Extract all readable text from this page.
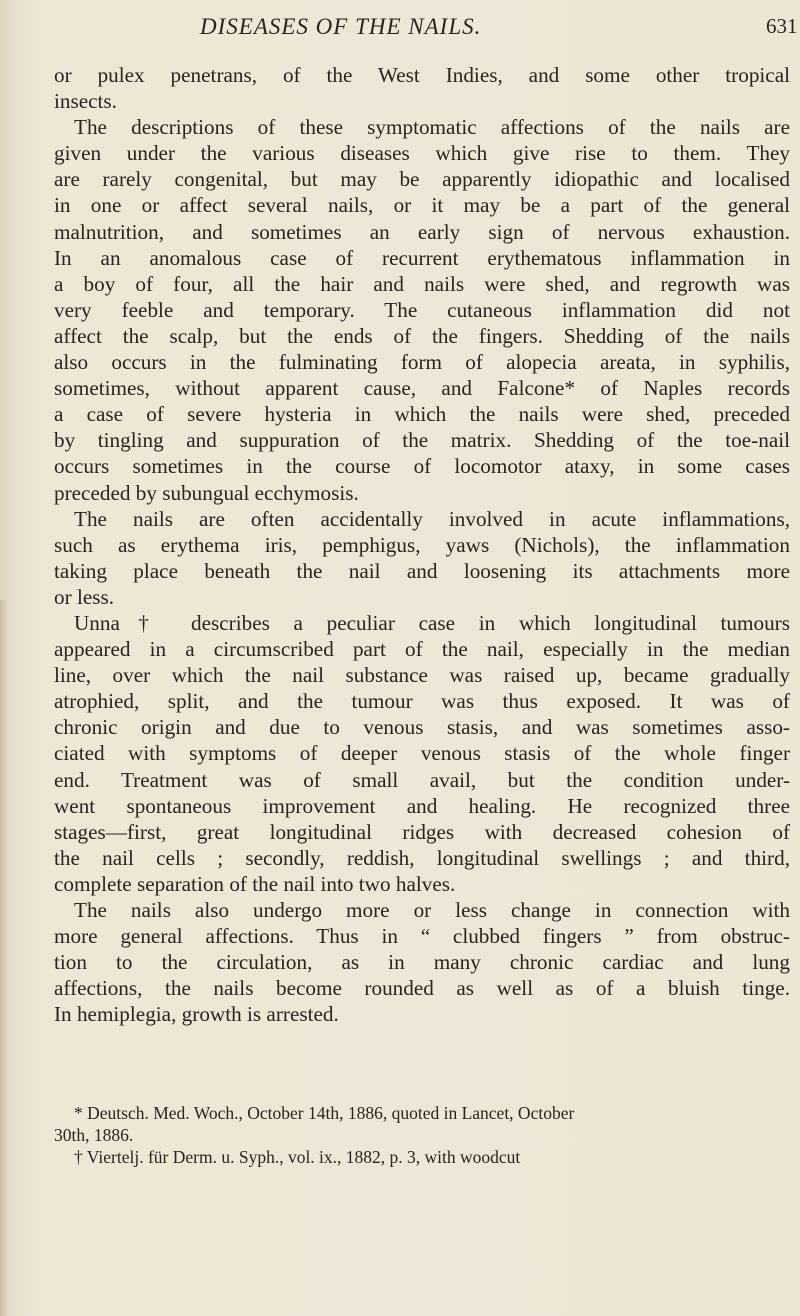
DISEASES OF THE NAILS.	631
or pulex penetrans, of the West Indies, and some other tropical
insects.
The descriptions of these symptomatic affections of the nails are
given under the various diseases which give rise to them. They
are rarely congenital, but may be apparently idiopathic and localised
in one or affect several nails, or it may be a part of the general
malnutrition, and sometimes an early sign of nervous exhaustion.
In an anomalous case of recurrent erythematous inflammation in
a boy of four, all the hair and nails were shed, and regrowth was
very feeble and temporary. The cutaneous inflammation did not
affect the scalp, but the ends of the fingers. Shedding of the nails
also occurs in the fulminating form of alopecia areata, in syphilis,
sometimes, without apparent cause, and Falcone* of Naples records
a case of severe hysteria in which the nails were shed, preceded
by tingling and suppuration of the matrix. Shedding of the toe-nail
occurs sometimes in the course of locomotor ataxy, in some cases
preceded by subungual ecchymosis.
The nails are often accidentally involved in acute inflammations,
such as erythema iris, pemphigus, yaws (Nichols), the inflammation
taking place beneath the nail and loosening its attachments more
or less.
Unna† describes a peculiar case in which longitudinal tumours
appeared in a circumscribed part of the nail, especially in the median
line, over which the nail substance was raised up, became gradually
atrophied, split, and the tumour was thus exposed. It was of
chronic origin and due to venous stasis, and was sometimes asso-
ciated with symptoms of deeper venous stasis of the whole finger
end. Treatment was of small avail, but the condition under-
went spontaneous improvement and healing. He recognized three
stages—first, great longitudinal ridges with decreased cohesion of
the nail cells ; secondly, reddish, longitudinal swellings ; and third,
complete separation of the nail into two halves.
The nails also undergo more or less change in connection with
more general affections. Thus in “ clubbed fingers ” from obstruc-
tion to the circulation, as in many chronic cardiac and lung
affections, the nails become rounded as well as of a bluish tinge.
In hemiplegia, growth is arrested.
* Deutsch. Med. Woch., October 14th, 1886, quoted in Lancet, October
30th, 1886.
† Viertelj. für Derm. u. Syph., vol. ix., 1882, p. 3, with woodcut
